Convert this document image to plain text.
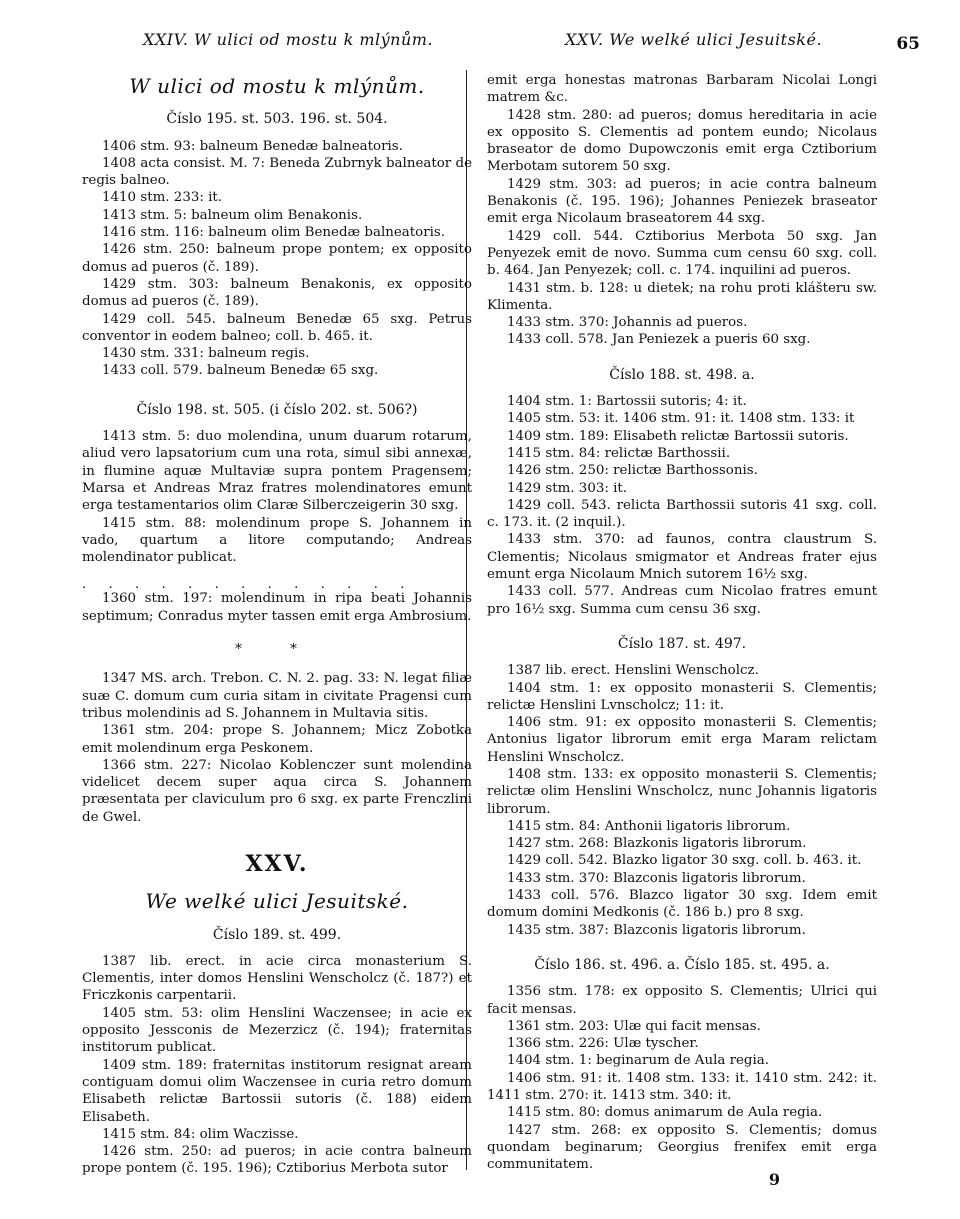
XXIV. W ulici od mostu k mlýnům.	XXV. We welké ulici Jesuitské.	65
W ulici od mostu k mlýnům.

Číslo 195. st. 503. 196. st. 504.

1406 stm. 93: balneum Benedæ balneatoris.

1408 acta consist. M. 7: Beneda Zubrnyk balneator de regis balneo.

1410 stm. 233: it.

1413 stm. 5: balneum olim Benakonis.

1416 stm. 116: balneum olim Benedæ balneatoris.

1426 stm. 250: balneum prope pontem; ex opposito domus ad pueros (č. 189).

1429 stm. 303: balneum Benakonis, ex opposito domus ad pueros (č. 189).

1429 coll. 545. balneum Benedæ 65 sxg. Petrus conventor in eodem balneo; coll. b. 465. it.

1430 stm. 331: balneum regis.

1433 coll. 579. balneum Benedæ 65 sxg.

Číslo 198. st. 505. (i číslo 202. st. 506?)

1413 stm. 5: duo molendina, unum duarum rotarum, aliud vero lapsatorium cum una rota, simul sibi annexæ, in flumine aquæ Multaviæ supra pontem Pragensem; Marsa et Andreas Mraz fratres molendinatores emunt erga testamentarios olim Claræ Silberczeigerin 30 sxg.

1415 stm. 88: molendinum prope S. Johannem in vado, quartum a litore computando; Andreas molendinator publicat.

. . . . . . . . . . . . .

1360 stm. 197: molendinum in ripa beati Johannis septimum; Conradus myter tassen emit erga Ambrosium.

* *

1347 MS. arch. Trebon. C. N. 2. pag. 33: N. legat filiæ suæ C. domum cum curia sitam in civitate Pragensi cum tribus molendinis ad S. Johannem in Multavia sitis.

1361 stm. 204: prope S. Johannem; Micz Zobotka emit molendinum erga Peskonem.

1366 stm. 227: Nicolao Koblenczer sunt molendina videlicet decem super aqua circa S. Johannem præsentata per claviculum pro 6 sxg. ex parte Frenczlini de Gwel.

XXV.
We welké ulici Jesuitské.

Číslo 189. st. 499.

1387 lib. erect. in acie circa monasterium S. Clementis, inter domos Henslini Wenscholcz (č. 187?) et Friczkonis carpentarii.

1405 stm. 53: olim Henslini Waczensee; in acie ex opposito Jessconis de Mezerzicz (č. 194); fraternitas institorum publicat.

1409 stm. 189: fraternitas institorum resignat aream contiguam domui olim Waczensee in curia retro domum Elisabeth relictæ Bartossii sutoris (č. 188) eidem Elisabeth.

1415 stm. 84: olim Waczisse.

1426 stm. 250: ad pueros; in acie contra balneum prope pontem (č. 195. 196); Cztiborius Merbota sutor

emit erga honestas matronas Barbaram Nicolai Longi matrem &c.

1428 stm. 280: ad pueros; domus hereditaria in acie ex opposito S. Clementis ad pontem eundo; Nicolaus braseator de domo Dupowczonis emit erga Cztiborium Merbotam sutorem 50 sxg.

1429 stm. 303: ad pueros; in acie contra balneum Benakonis (č. 195. 196); Johannes Peniezek braseator emit erga Nicolaum braseatorem 44 sxg.

1429 coll. 544. Cztiborius Merbota 50 sxg. Jan Penyezek emit de novo. Summa cum censu 60 sxg. coll. b. 464. Jan Penyezek; coll. c. 174. inquilini ad pueros.

1431 stm. b. 128: u dietek; na rohu proti klášteru sw. Klimenta.

1433 stm. 370: Johannis ad pueros.

1433 coll. 578. Jan Peniezek a pueris 60 sxg.

Číslo 188. st. 498. a.

1404 stm. 1: Bartossii sutoris; 4: it.

1405 stm. 53: it. 1406 stm. 91: it. 1408 stm. 133: it

1409 stm. 189: Elisabeth relictæ Bartossii sutoris.

1415 stm. 84: relictæ Barthossii.

1426 stm. 250: relictæ Barthossonis.

1429 stm. 303: it.

1429 coll. 543. relicta Barthossii sutoris 41 sxg. coll. c. 173. it. (2 inquil.).

1433 stm. 370: ad faunos, contra claustrum S. Clementis; Nicolaus smigmator et Andreas frater ejus emunt erga Nicolaum Mnich sutorem 16½ sxg.

1433 coll. 577. Andreas cum Nicolao fratres emunt pro 16½ sxg. Summa cum censu 36 sxg.

Číslo 187. st. 497.

1387 lib. erect. Henslini Wenscholcz.

1404 stm. 1: ex opposito monasterii S. Clementis; relictæ Henslini Lvnscholcz; 11: it.

1406 stm. 91: ex opposito monasterii S. Clementis; Antonius ligator librorum emit erga Maram relictam Henslini Wnscholcz.

1408 stm. 133: ex opposito monasterii S. Clementis; relictæ olim Henslini Wnscholcz, nunc Johannis ligatoris librorum.

1415 stm. 84: Anthonii ligatoris librorum.

1427 stm. 268: Blazkonis ligatoris librorum.

1429 coll. 542. Blazko ligator 30 sxg. coll. b. 463. it.

1433 stm. 370: Blazconis ligatoris librorum.

1433 coll. 576. Blazco ligator 30 sxg. Idem emit domum domini Medkonis (č. 186 b.) pro 8 sxg.

1435 stm. 387: Blazconis ligatoris librorum.

Číslo 186. st. 496. a. Číslo 185. st. 495. a.

1356 stm. 178: ex opposito S. Clementis; Ulrici qui facit mensas.

1361 stm. 203: Ulæ qui facit mensas.

1366 stm. 226: Ulæ tyscher.

1404 stm. 1: beginarum de Aula regia.

1406 stm. 91: it. 1408 stm. 133: it. 1410 stm. 242: it. 1411 stm. 270: it. 1413 stm. 340: it.

1415 stm. 80: domus animarum de Aula regia.

1427 stm. 268: ex opposito S. Clementis; domus quondam beginarum; Georgius frenifex emit erga communitatem.

9
